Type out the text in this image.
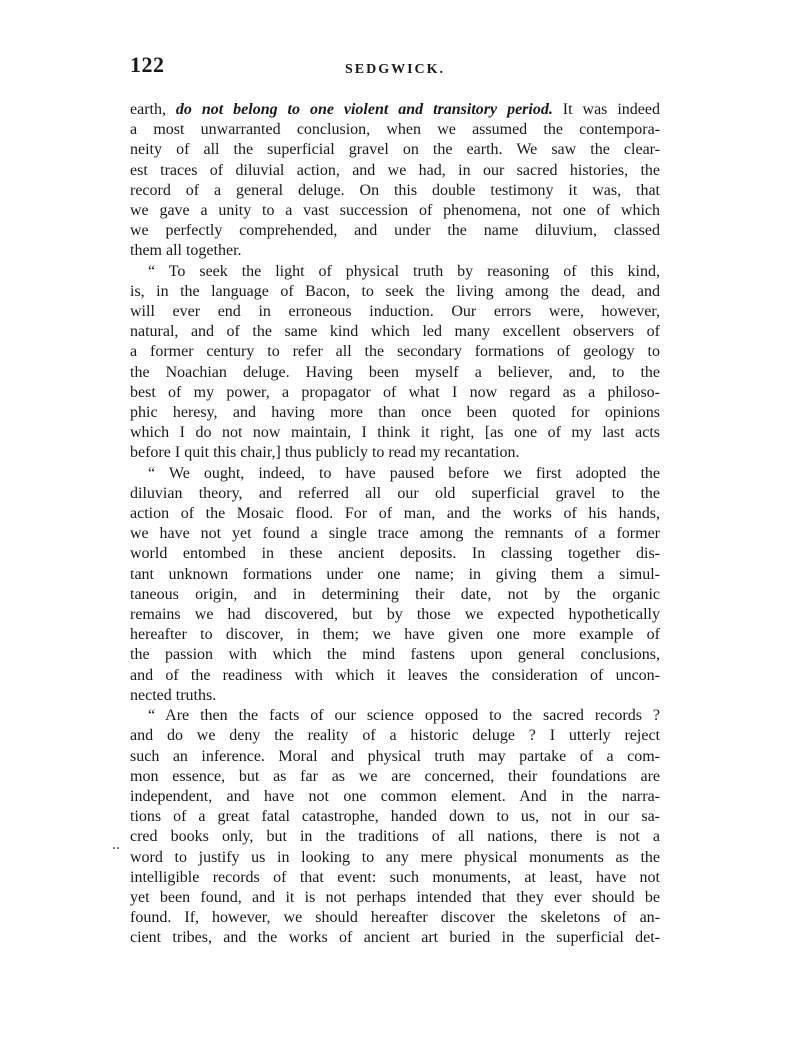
122	SEDGWICK.
..

earth, do not belong to one violent and transitory period. It was indeed
a most unwarranted conclusion, when we assumed the contempora-
neity of all the superficial gravel on the earth. We saw the clear-
est traces of diluvial action, and we had, in our sacred histories, the
record of a general deluge. On this double testimony it was, that
we gave a unity to a vast succession of phenomena, not one of which
we perfectly comprehended, and under the name diluvium, classed
them all together.

“ To seek the light of physical truth by reasoning of this kind,
is, in the language of Bacon, to seek the living among the dead, and
will ever end in erroneous induction. Our errors were, however,
natural, and of the same kind which led many excellent observers of
a former century to refer all the secondary formations of geology to
the Noachian deluge. Having been myself a believer, and, to the
best of my power, a propagator of what I now regard as a philoso-
phic heresy, and having more than once been quoted for opinions
which I do not now maintain, I think it right, [as one of my last acts
before I quit this chair,] thus publicly to read my recantation.

“ We ought, indeed, to have paused before we first adopted the
diluvian theory, and referred all our old superficial gravel to the
action of the Mosaic flood. For of man, and the works of his hands,
we have not yet found a single trace among the remnants of a former
world entombed in these ancient deposits. In classing together dis-
tant unknown formations under one name; in giving them a simul-
taneous origin, and in determining their date, not by the organic
remains we had discovered, but by those we expected hypothetically
hereafter to discover, in them; we have given one more example of
the passion with which the mind fastens upon general conclusions,
and of the readiness with which it leaves the consideration of uncon-
nected truths.

“ Are then the facts of our science opposed to the sacred records ?
and do we deny the reality of a historic deluge ? I utterly reject
such an inference. Moral and physical truth may partake of a com-
mon essence, but as far as we are concerned, their foundations are
independent, and have not one common element. And in the narra-
tions of a great fatal catastrophe, handed down to us, not in our sa-
cred books only, but in the traditions of all nations, there is not a
word to justify us in looking to any mere physical monuments as the
intelligible records of that event: such monuments, at least, have not
yet been found, and it is not perhaps intended that they ever should be
found. If, however, we should hereafter discover the skeletons of an-
cient tribes, and the works of ancient art buried in the superficial det-
